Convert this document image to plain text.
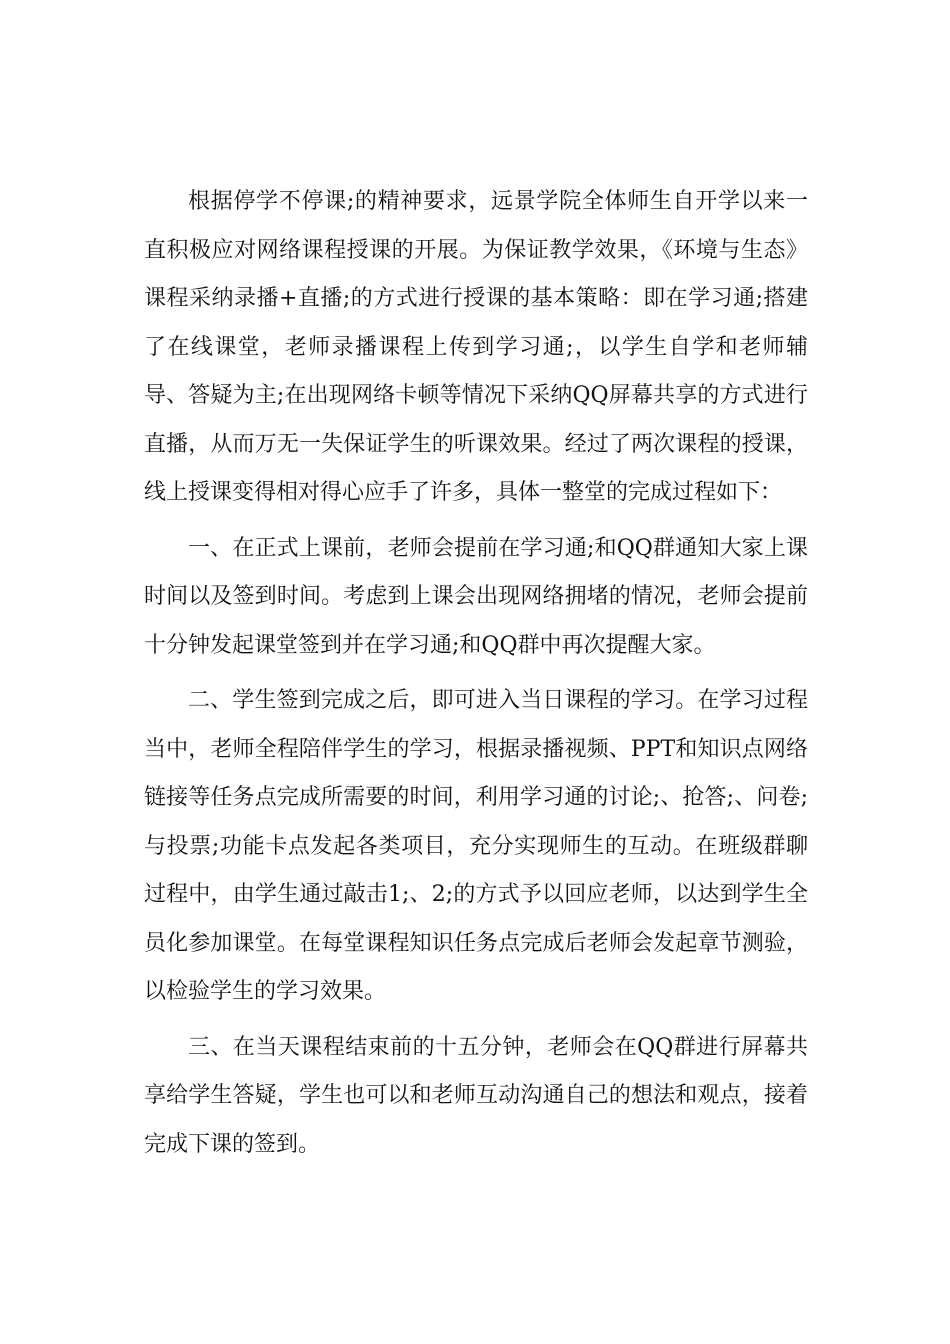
根据停学不停课;的精神要求，远景学院全体师生自开学以来一直积极应对网络课程授课的开展。为保证教学效果，《环境与生态》课程采纳录播+直播;的方式进行授课的基本策略：即在学习通;搭建了在线课堂，老师录播课程上传到学习通;，以学生自学和老师辅导、答疑为主;在出现网络卡顿等情况下采纳QQ屏幕共享的方式进行直播，从而万无一失保证学生的听课效果。经过了两次课程的授课，线上授课变得相对得心应手了许多，具体一整堂的完成过程如下：

一、在正式上课前，老师会提前在学习通;和QQ群通知大家上课时间以及签到时间。考虑到上课会出现网络拥堵的情况，老师会提前十分钟发起课堂签到并在学习通;和QQ群中再次提醒大家。

二、学生签到完成之后，即可进入当日课程的学习。在学习过程当中，老师全程陪伴学生的学习，根据录播视频、PPT和知识点网络链接等任务点完成所需要的时间，利用学习通的讨论;、抢答;、问卷;与投票;功能卡点发起各类项目，充分实现师生的互动。在班级群聊过程中，由学生通过敲击1;、2;的方式予以回应老师，以达到学生全员化参加课堂。在每堂课程知识任务点完成后老师会发起章节测验，以检验学生的学习效果。

三、在当天课程结束前的十五分钟，老师会在QQ群进行屏幕共享给学生答疑，学生也可以和老师互动沟通自己的想法和观点，接着完成下课的签到。
